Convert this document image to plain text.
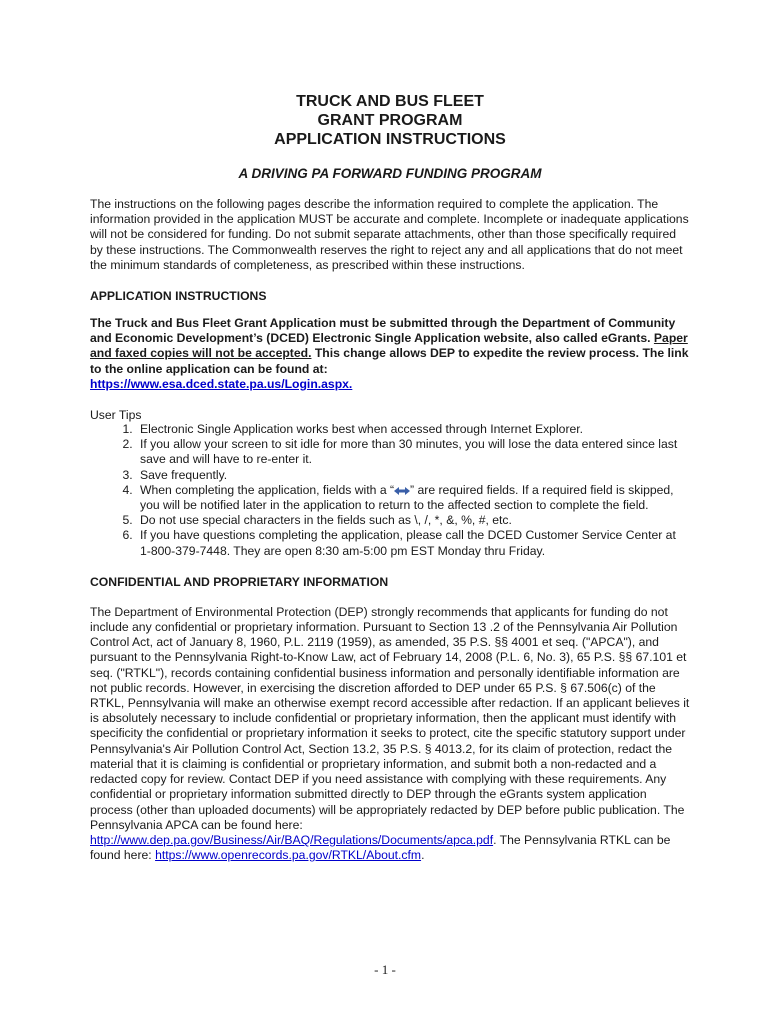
TRUCK AND BUS FLEET
GRANT PROGRAM
APPLICATION INSTRUCTIONS
A DRIVING PA FORWARD FUNDING PROGRAM
The instructions on the following pages describe the information required to complete the application. The information provided in the application MUST be accurate and complete. Incomplete or inadequate applications will not be considered for funding. Do not submit separate attachments, other than those specifically required by these instructions. The Commonwealth reserves the right to reject any and all applications that do not meet the minimum standards of completeness, as prescribed within these instructions.
APPLICATION INSTRUCTIONS
The Truck and Bus Fleet Grant Application must be submitted through the Department of Community and Economic Development’s (DCED) Electronic Single Application website, also called eGrants. Paper and faxed copies will not be accepted. This change allows DEP to expedite the review process. The link to the online application can be found at:
https://www.esa.dced.state.pa.us/Login.aspx.
User Tips
1. Electronic Single Application works best when accessed through Internet Explorer.
2. If you allow your screen to sit idle for more than 30 minutes, you will lose the data entered since last save and will have to re-enter it.
3. Save frequently.
4. When completing the application, fields with a “ ” are required fields. If a required field is skipped, you will be notified later in the application to return to the affected section to complete the field.
5. Do not use special characters in the fields such as \, /, *, &, %, #, etc.
6. If you have questions completing the application, please call the DCED Customer Service Center at 1-800-379-7448. They are open 8:30 am-5:00 pm EST Monday thru Friday.
CONFIDENTIAL AND PROPRIETARY INFORMATION
The Department of Environmental Protection (DEP) strongly recommends that applicants for funding do not include any confidential or proprietary information. Pursuant to Section 13 .2 of the Pennsylvania Air Pollution Control Act, act of January 8, 1960, P.L. 2119 (1959), as amended, 35 P.S. §§ 4001 et seq. ("APCA"), and pursuant to the Pennsylvania Right-to-Know Law, act of February 14, 2008 (P.L. 6, No. 3), 65 P.S. §§ 67.101 et seq. ("RTKL"), records containing confidential business information and personally identifiable information are not public records. However, in exercising the discretion afforded to DEP under 65 P.S. § 67.506(c) of the RTKL, Pennsylvania will make an otherwise exempt record accessible after redaction. If an applicant believes it is absolutely necessary to include confidential or proprietary information, then the applicant must identify with specificity the confidential or proprietary information it seeks to protect, cite the specific statutory support under Pennsylvania's Air Pollution Control Act, Section 13.2, 35 P.S. § 4013.2, for its claim of protection, redact the material that it is claiming is confidential or proprietary information, and submit both a non-redacted and a redacted copy for review. Contact DEP if you need assistance with complying with these requirements. Any confidential or proprietary information submitted directly to DEP through the eGrants system application process (other than uploaded documents) will be appropriately redacted by DEP before public publication. The Pennsylvania APCA can be found here: http://www.dep.pa.gov/Business/Air/BAQ/Regulations/Documents/apca.pdf. The Pennsylvania RTKL can be found here: https://www.openrecords.pa.gov/RTKL/About.cfm.
- 1 -
